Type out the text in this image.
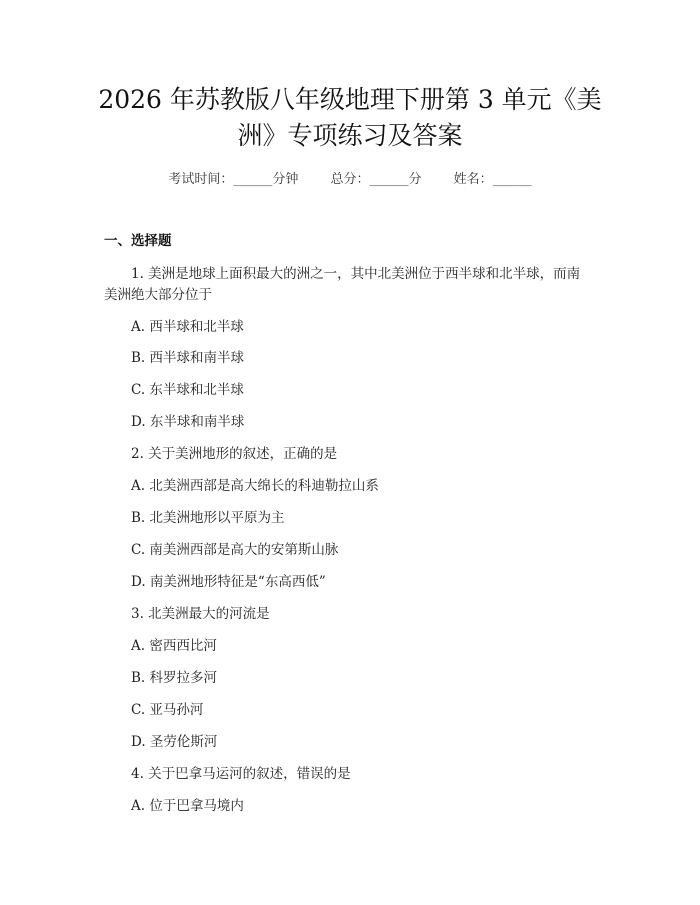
2026 年苏教版八年级地理下册第 3 单元《美
洲》专项练习及答案
考试时间：______分钟 总分：______分 姓名：______
一、选择题

1. 美洲是地球上面积最大的洲之一，其中北美洲位于西半球和北半球，而南

美洲绝大部分位于

A. 西半球和北半球

B. 西半球和南半球

C. 东半球和北半球

D. 东半球和南半球

2. 关于美洲地形的叙述，正确的是

A. 北美洲西部是高大绵长的科迪勒拉山系

B. 北美洲地形以平原为主

C. 南美洲西部是高大的安第斯山脉

D. 南美洲地形特征是“东高西低”

3. 北美洲最大的河流是

A. 密西西比河

B. 科罗拉多河

C. 亚马孙河

D. 圣劳伦斯河

4. 关于巴拿马运河的叙述，错误的是

A. 位于巴拿马境内
